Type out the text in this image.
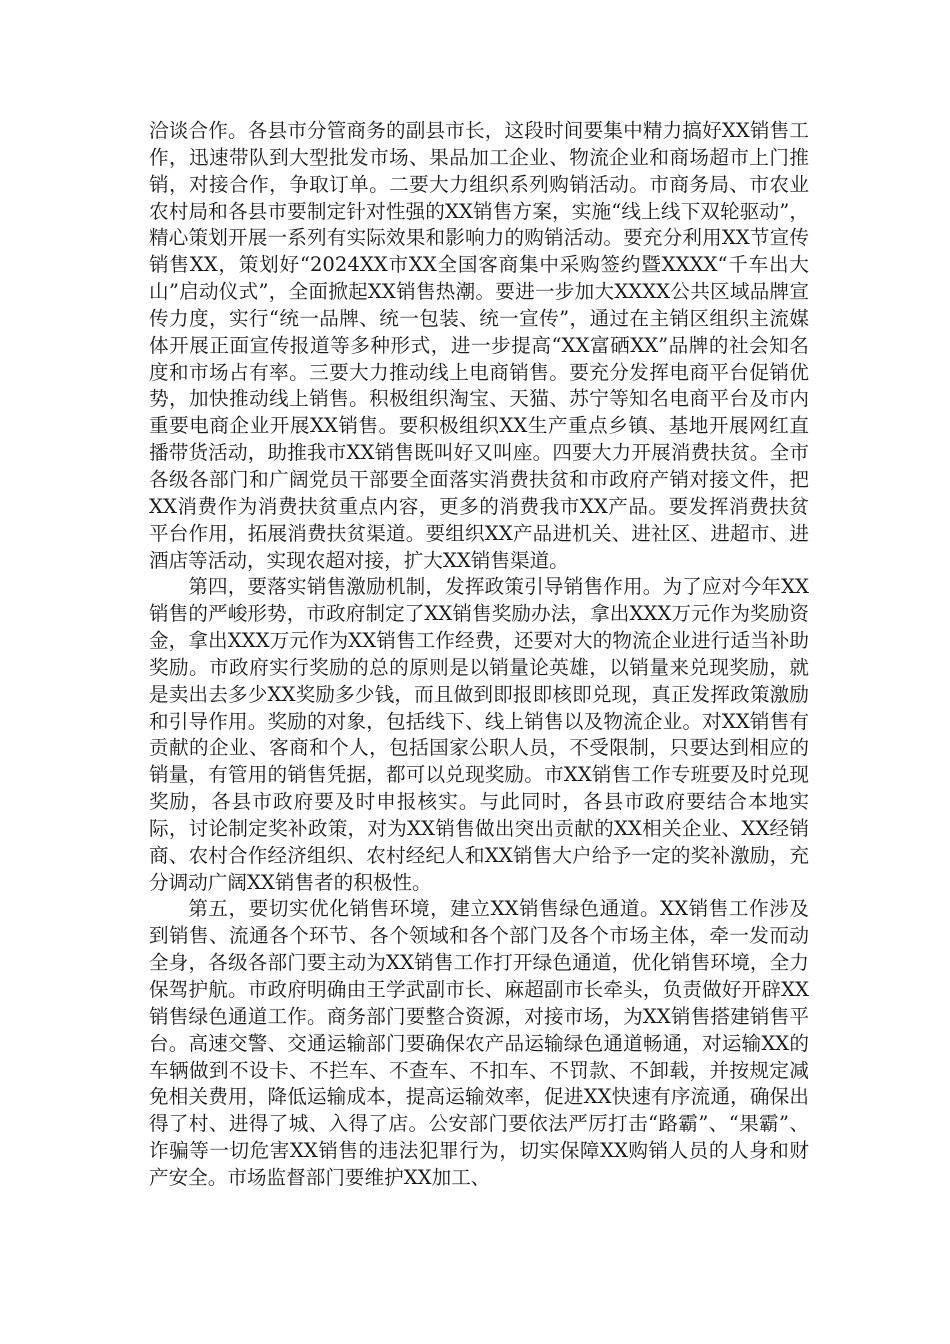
洽谈合作。各县市分管商务的副县市长，这段时间要集中精力搞好XX销售工作，迅速带队到大型批发市场、果品加工企业、物流企业和商场超市上门推销，对接合作，争取订单。二要大力组织系列购销活动。市商务局、市农业农村局和各县市要制定针对性强的XX销售方案，实施“线上线下双轮驱动”，精心策划开展一系列有实际效果和影响力的购销活动。要充分利用XX节宣传销售XX，策划好“2024XX市XX全国客商集中采购签约暨XXXX“千车出大山”启动仪式”，全面掀起XX销售热潮。要进一步加大XXXX公共区域品牌宣传力度，实行“统一品牌、统一包装、统一宣传”，通过在主销区组织主流媒体开展正面宣传报道等多种形式，进一步提高“XX富硒XX”品牌的社会知名度和市场占有率。三要大力推动线上电商销售。要充分发挥电商平台促销优势，加快推动线上销售。积极组织淘宝、天猫、苏宁等知名电商平台及市内重要电商企业开展XX销售。要积极组织XX生产重点乡镇、基地开展网红直播带货活动，助推我市XX销售既叫好又叫座。四要大力开展消费扶贫。全市各级各部门和广阔党员干部要全面落实消费扶贫和市政府产销对接文件，把XX消费作为消费扶贫重点内容，更多的消费我市XX产品。要发挥消费扶贫平台作用，拓展消费扶贫渠道。要组织XX产品进机关、进社区、进超市、进酒店等活动，实现农超对接，扩大XX销售渠道。

第四，要落实销售激励机制，发挥政策引导销售作用。为了应对今年XX销售的严峻形势，市政府制定了XX销售奖励办法，拿出XXX万元作为奖励资金，拿出XXX万元作为XX销售工作经费，还要对大的物流企业进行适当补助奖励。市政府实行奖励的总的原则是以销量论英雄，以销量来兑现奖励，就是卖出去多少XX奖励多少钱，而且做到即报即核即兑现，真正发挥政策激励和引导作用。奖励的对象，包括线下、线上销售以及物流企业。对XX销售有贡献的企业、客商和个人，包括国家公职人员，不受限制，只要达到相应的销量，有管用的销售凭据，都可以兑现奖励。市XX销售工作专班要及时兑现奖励，各县市政府要及时申报核实。与此同时，各县市政府要结合本地实际，讨论制定奖补政策，对为XX销售做出突出贡献的XX相关企业、XX经销商、农村合作经济组织、农村经纪人和XX销售大户给予一定的奖补激励，充分调动广阔XX销售者的积极性。

第五，要切实优化销售环境，建立XX销售绿色通道。XX销售工作涉及到销售、流通各个环节、各个领域和各个部门及各个市场主体，牵一发而动全身，各级各部门要主动为XX销售工作打开绿色通道，优化销售环境，全力保驾护航。市政府明确由王学武副市长、麻超副市长牵头，负责做好开辟XX销售绿色通道工作。商务部门要整合资源，对接市场，为XX销售搭建销售平台。高速交警、交通运输部门要确保农产品运输绿色通道畅通，对运输XX的车辆做到不设卡、不拦车、不查车、不扣车、不罚款、不卸载，并按规定减免相关费用，降低运输成本，提高运输效率，促进XX快速有序流通，确保出得了村、进得了城、入得了店。公安部门要依法严厉打击“路霸”、“果霸”、诈骗等一切危害XX销售的违法犯罪行为，切实保障XX购销人员的人身和财产安全。市场监督部门要维护XX加工、
